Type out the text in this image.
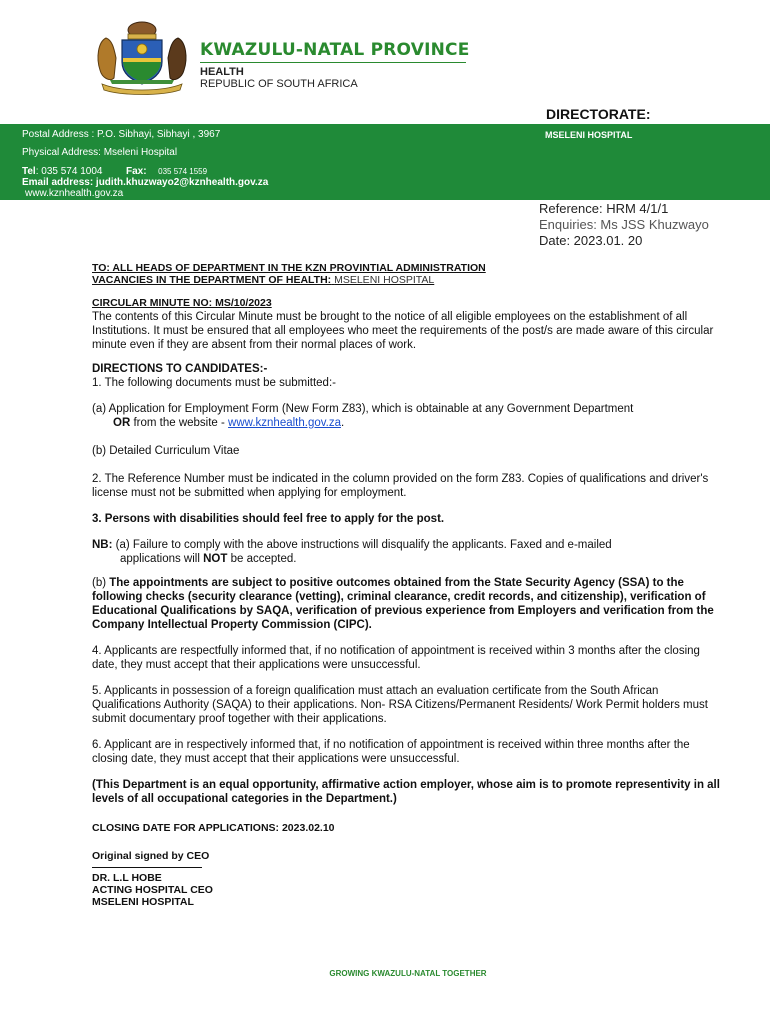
KWAZULU-NATAL PROVINCE
HEALTH
REPUBLIC OF SOUTH AFRICA
DIRECTORATE:
Postal Address : P.O. Sibhayi, Sibhayi , 3967	MSELENI HOSPITAL
Physical Address: Mseleni Hospital
Tel: 035 574 1004 Fax: 035 574 1559
Email address: judith.khuzwayo2@kznhealth.gov.za
www.kznhealth.gov.za
Reference: HRM 4/1/1
Enquiries: Ms JSS Khuzwayo
Date: 2023.01. 20

TO: ALL HEADS OF DEPARTMENT IN THE KZN PROVINTIAL ADMINISTRATION

VACANCIES IN THE DEPARTMENT OF HEALTH: MSELENI HOSPITAL

CIRCULAR MINUTE NO: MS/10/2023

The contents of this Circular Minute must be brought to the notice of all eligible employees on the establishment of all Institutions. It must be ensured that all employees who meet the requirements of the post/s are made aware of this circular minute even if they are absent from their normal places of work.

DIRECTIONS TO CANDIDATES:-

1. The following documents must be submitted:-

(a) Application for Employment Form (New Form Z83), which is obtainable at any Government Department

OR from the website - www.kznhealth.gov.za.

(b) Detailed Curriculum Vitae

2. The Reference Number must be indicated in the column provided on the form Z83. Copies of qualifications and driver's license must not be submitted when applying for employment.

3. Persons with disabilities should feel free to apply for the post.

NB: (a) Failure to comply with the above instructions will disqualify the applicants. Faxed and e-mailed

applications will NOT be accepted.

(b) The appointments are subject to positive outcomes obtained from the State Security Agency (SSA) to the following checks (security clearance (vetting), criminal clearance, credit records, and citizenship), verification of Educational Qualifications by SAQA, verification of previous experience from Employers and verification from the Company Intellectual Property Commission (CIPC).

4. Applicants are respectfully informed that, if no notification of appointment is received within 3 months after the closing date, they must accept that their applications were unsuccessful.

5. Applicants in possession of a foreign qualification must attach an evaluation certificate from the South African Qualifications Authority (SAQA) to their applications. Non- RSA Citizens/Permanent Residents/ Work Permit holders must submit documentary proof together with their applications.

6. Applicant are in respectively informed that, if no notification of appointment is received within three months after the closing date, they must accept that their applications were unsuccessful.

(This Department is an equal opportunity, affirmative action employer, whose aim is to promote representivity in all levels of all occupational categories in the Department.)

CLOSING DATE FOR APPLICATIONS: 2023.02.10

Original signed by CEO

DR. L.L HOBE

ACTING HOSPITAL CEO

MSELENI HOSPITAL

GROWING KWAZULU-NATAL TOGETHER
